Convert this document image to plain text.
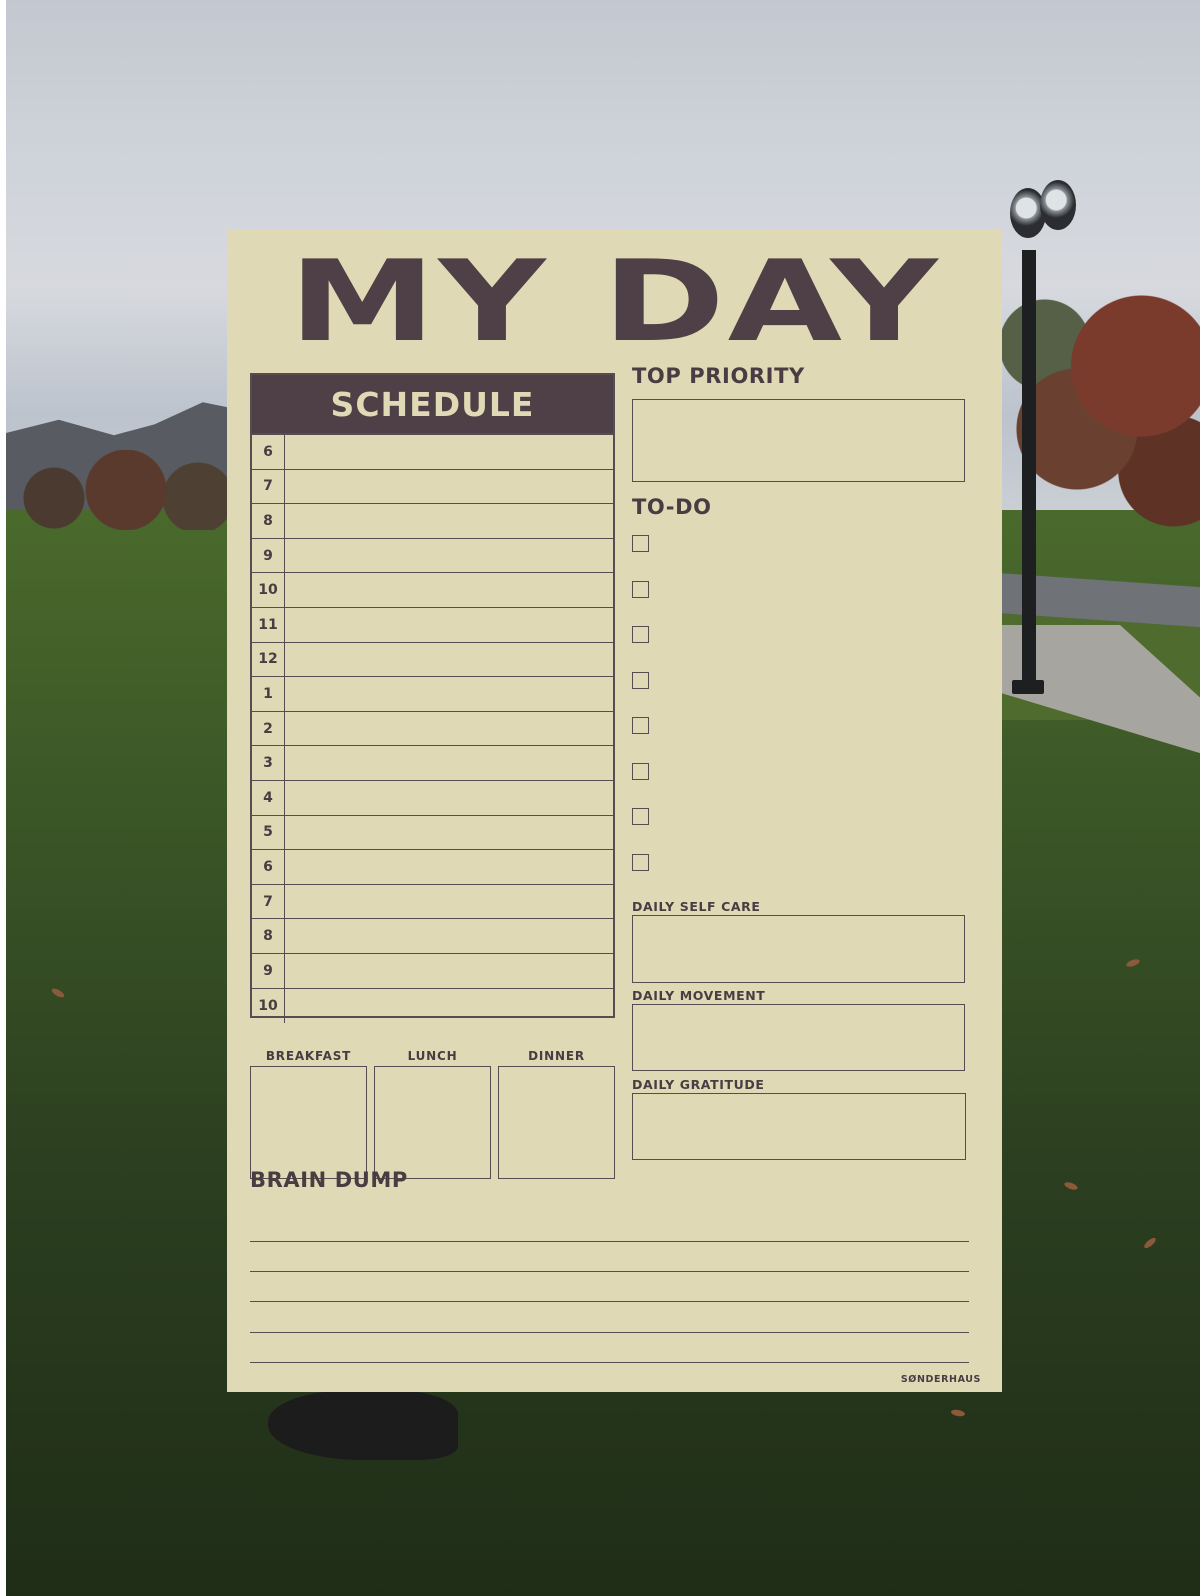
MY DAY
SCHEDULE
6
7
8
9
10
11
12
1
2
3
4
5
6
7
8
9
10
BREAKFAST	LUNCH	DINNER
TOP PRIORITY
TO-DO
DAILY SELF CARE
DAILY MOVEMENT
DAILY GRATITUDE
BRAIN DUMP
SØNDERHAUS
